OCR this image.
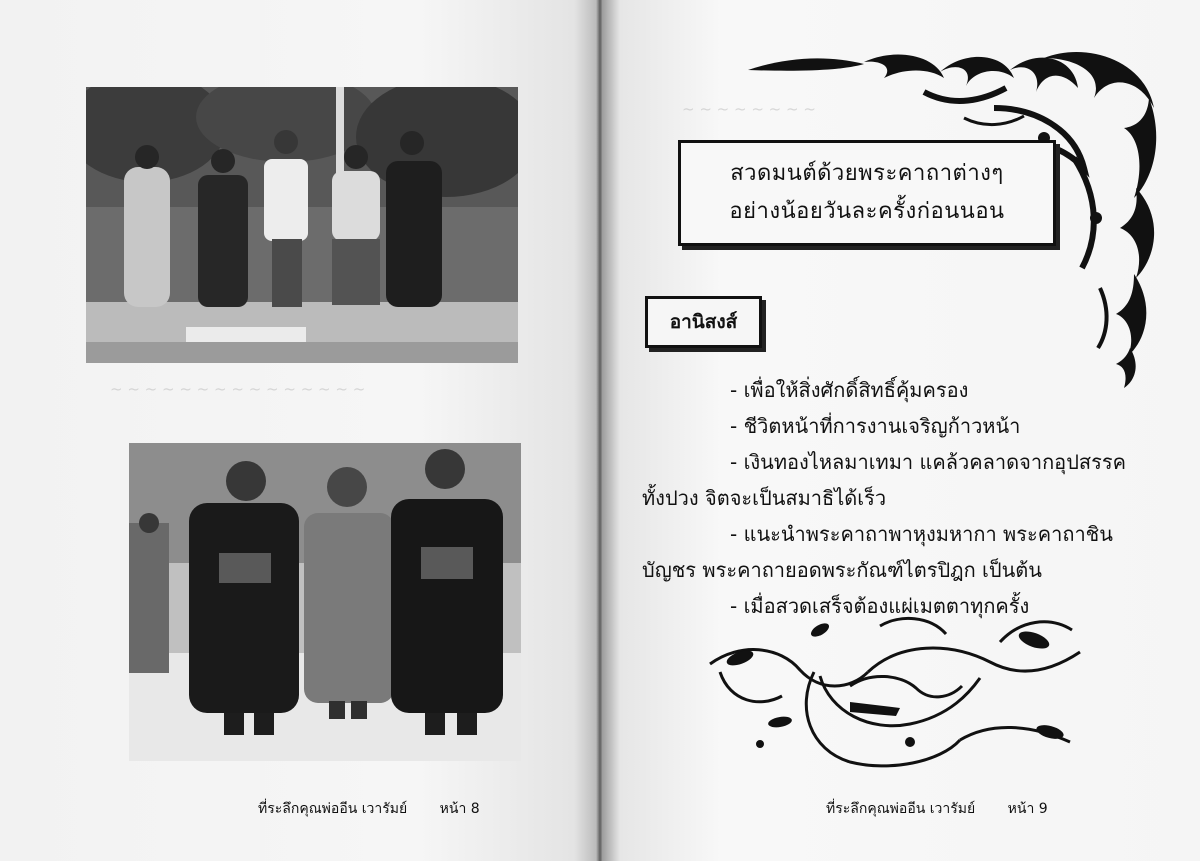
~ ~ ~ ~ ~ ~ ~ ~ ~ ~ ~ ~ ~ ~ ~
ที่ระลึกคุณพ่ออีน เวารัมย์ หน้า 8
~ ~ ~ ~ ~ ~ ~ ~
สวดมนต์ด้วยพระคาถาต่างๆ
อย่างน้อยวันละครั้งก่อนนอน
อานิสงส์
- เพื่อให้สิ่งศักดิ์สิทธิ์คุ้มครอง
- ชีวิตหน้าที่การงานเจริญก้าวหน้า
- เงินทองไหลมาเทมา แคล้วคลาดจากอุปสรรค
ทั้งปวง จิตจะเป็นสมาธิได้เร็ว
- แนะนำพระคาถาพาหุงมหากา พระคาถาชิน
บัญชร พระคาถายอดพระกัณฑ์ไตรปิฎก เป็นต้น
- เมื่อสวดเสร็จต้องแผ่เมตตาทุกครั้ง
ที่ระลึกคุณพ่ออีน เวารัมย์ หน้า 9
